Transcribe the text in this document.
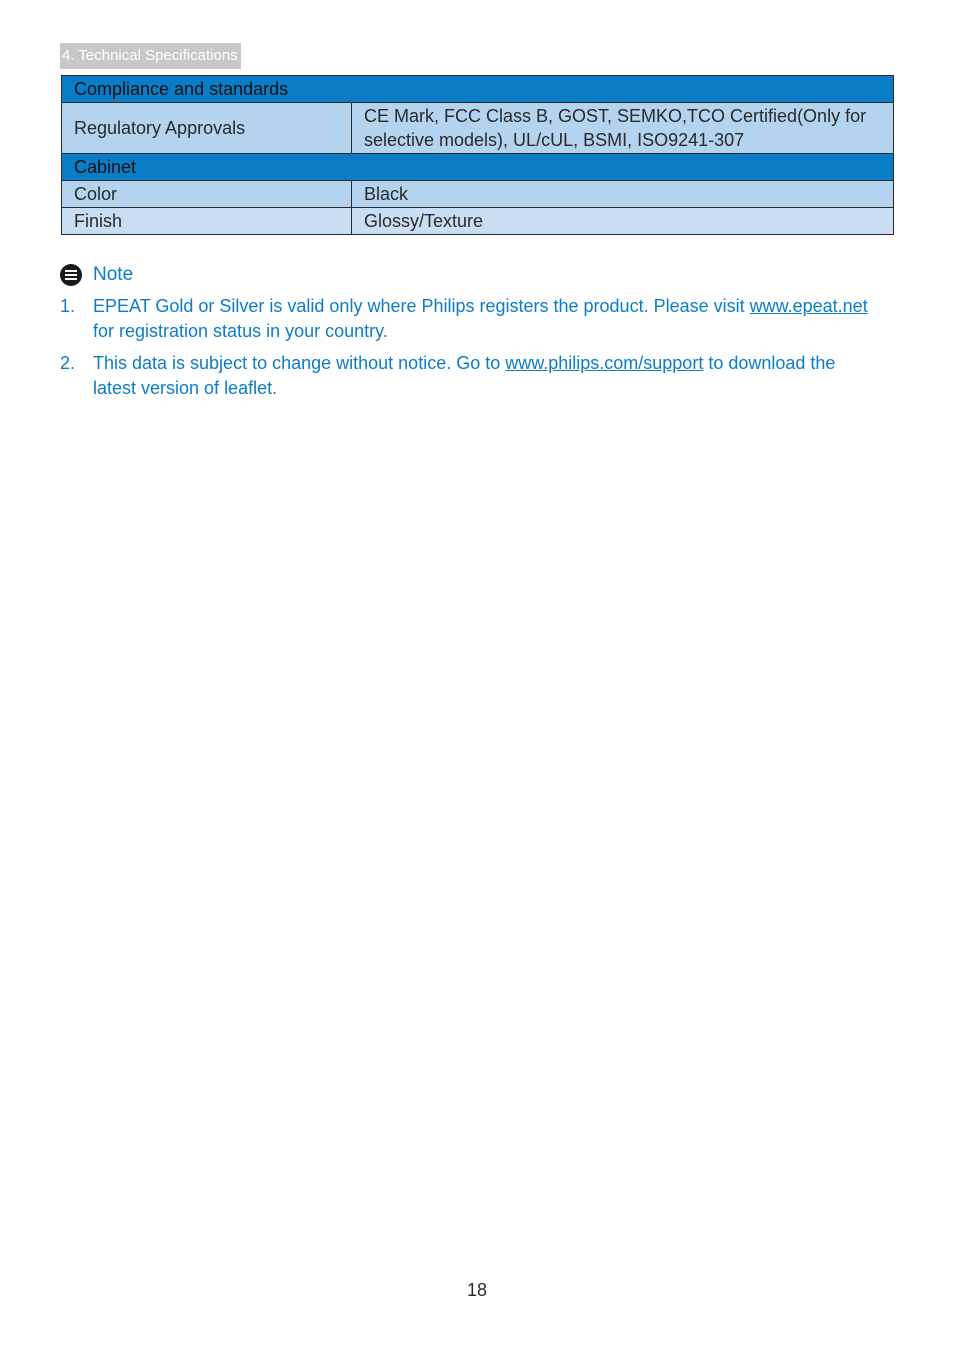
4. Technical Specifications
Compliance and standards	
Regulatory Approvals	CE Mark, FCC Class B, GOST, SEMKO,TCO Certified(Only for
selective models), UL/cUL, BSMI, ISO9241-307

Cabinet	
Color	Black
Finish	Glossy/Texture
Note
1. EPEAT Gold or Silver is valid only where Philips registers the product. Please visit www.epeat.net for registration status in your country.
2. This data is subject to change without notice. Go to www.philips.com/support to download the latest version of leaflet.
18
